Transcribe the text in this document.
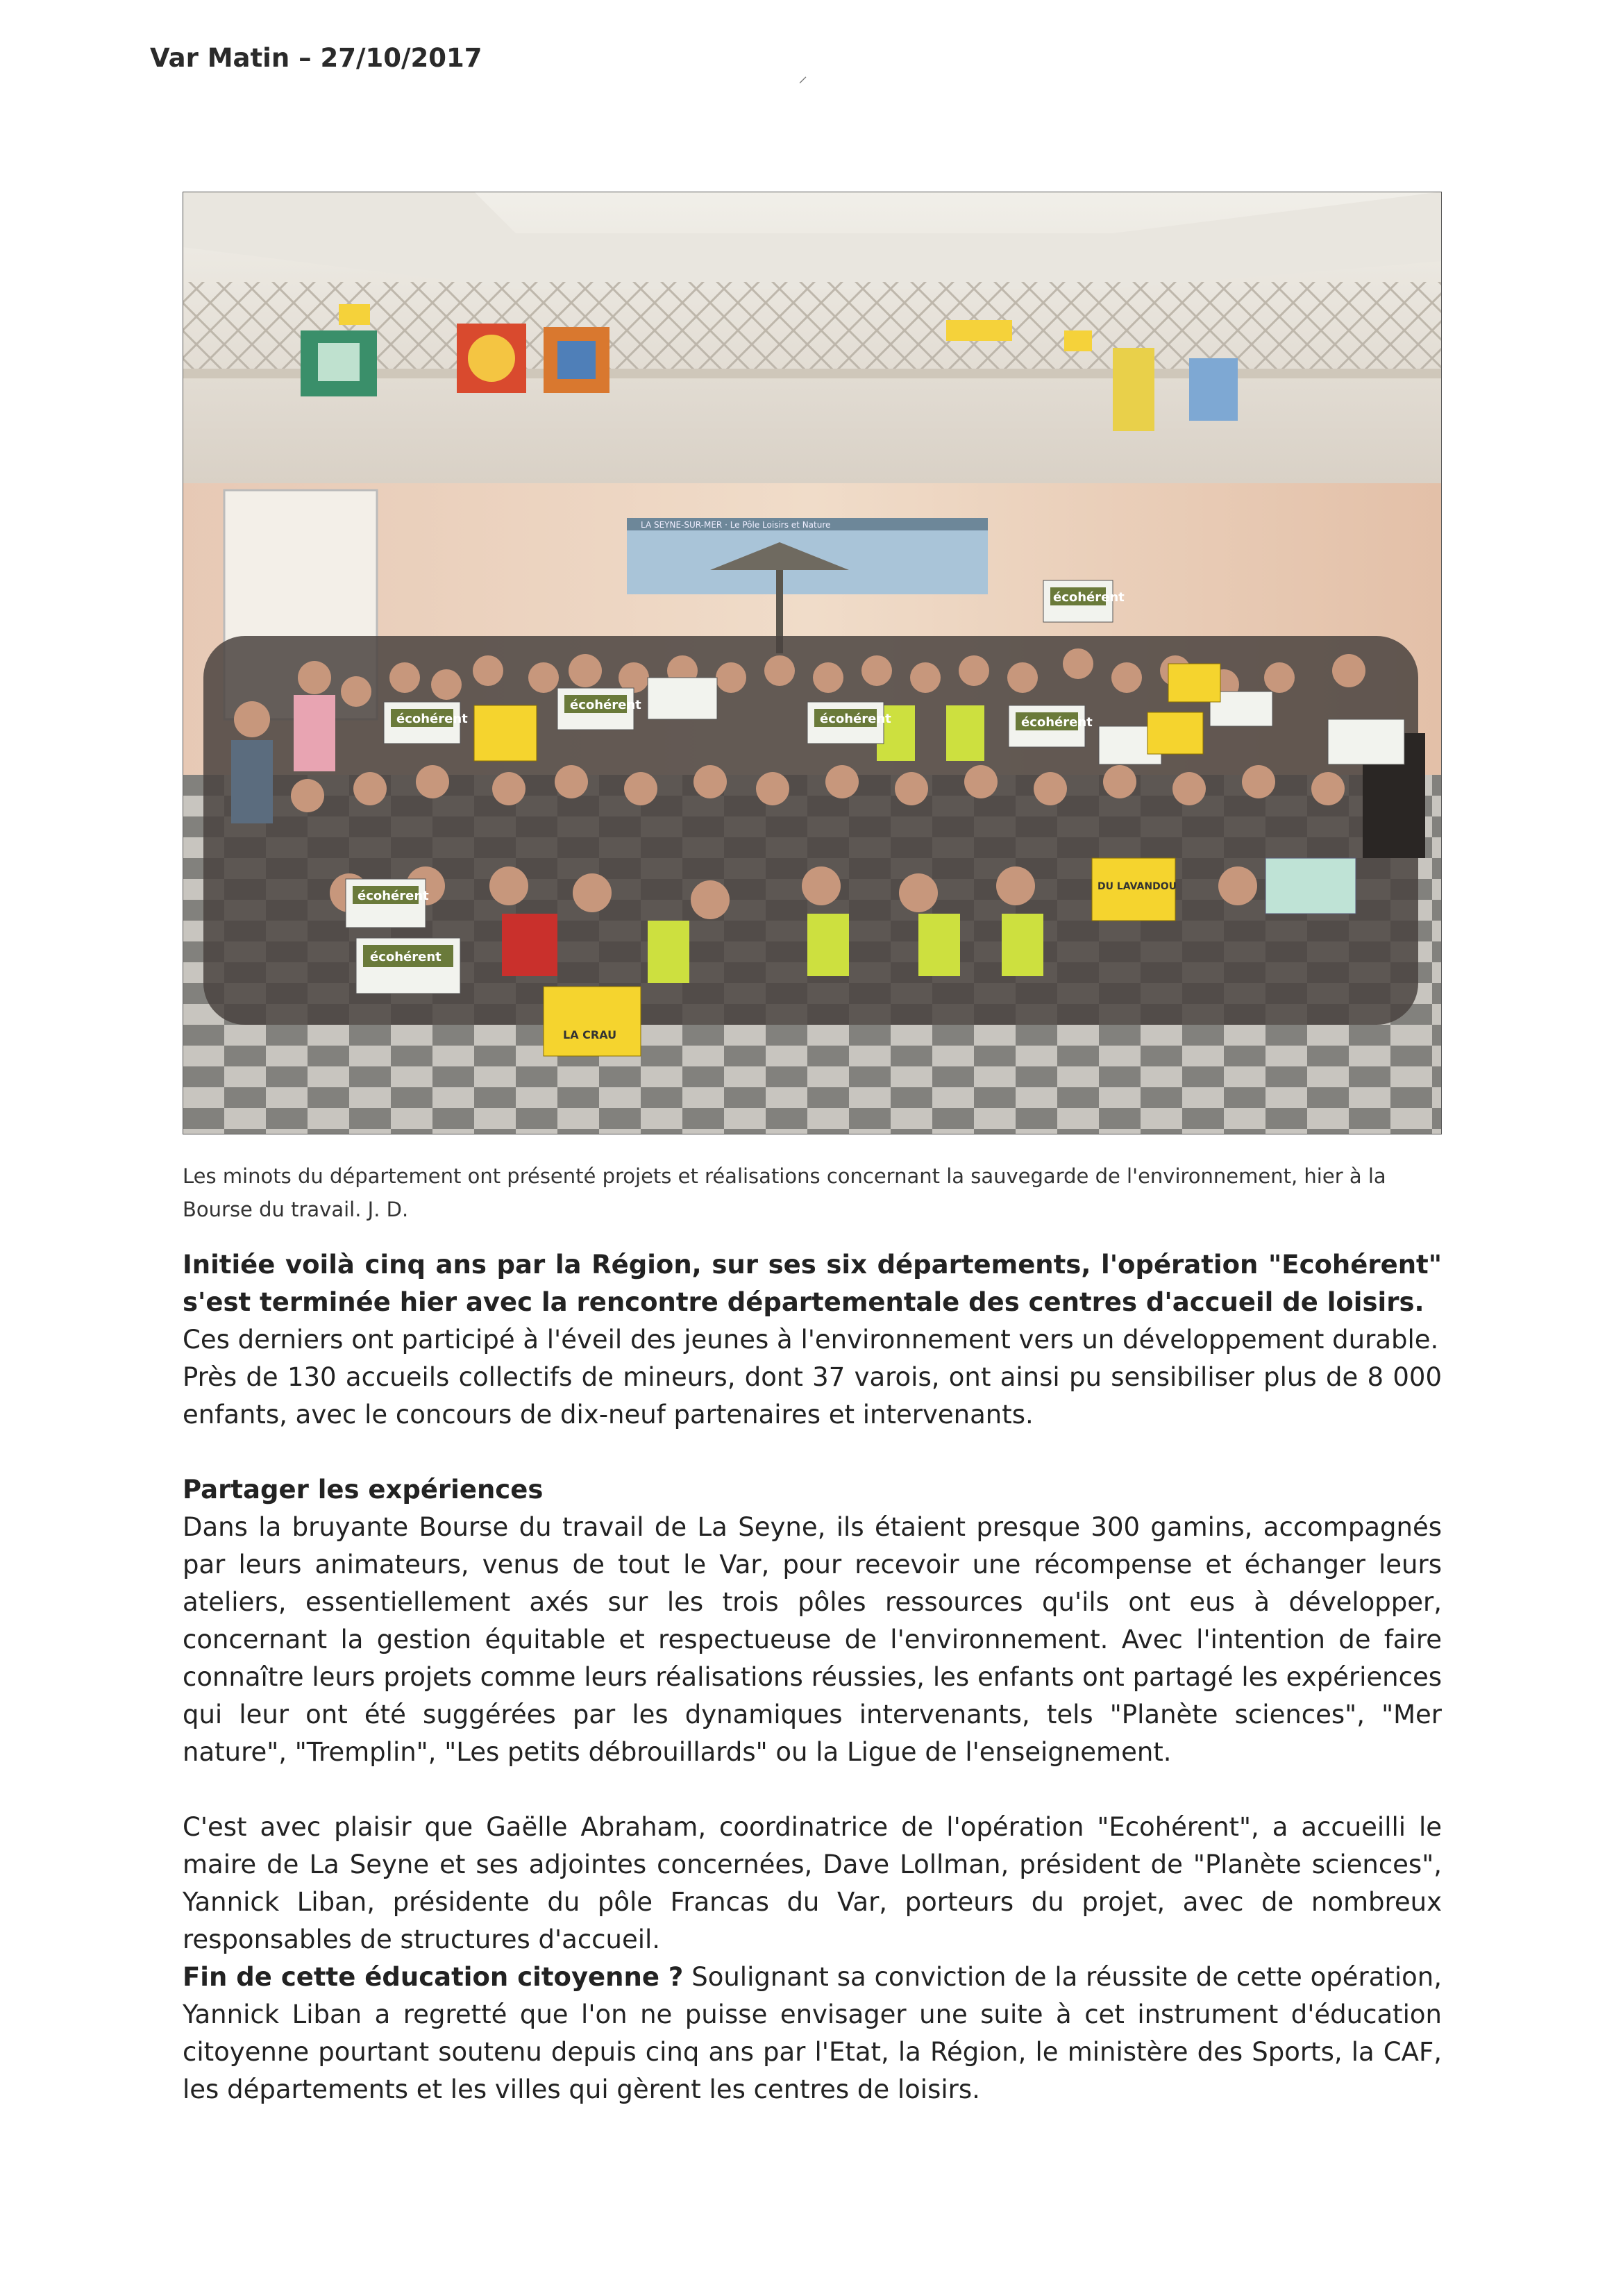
Var Matin – 27/10/2017
⸝
LA SEYNE-SUR-MER · Le Pôle Loisirs et Nature
écohérent
écohérent
écohérent	écohérent
écohérent
écohérent
écohérent
LA CRAU
DU LAVANDOU
Les minots du département ont présenté projets et réalisations concernant la sauvegarde de l'environnement, hier à la Bourse du travail. J. D.

Initiée voilà cinq ans par la Région, sur ses six départements, l'opération "Ecohérent" s'est terminée hier avec la rencontre départementale des centres d'accueil de loisirs.

Ces derniers ont participé à l'éveil des jeunes à l'environnement vers un développement durable.

Près de 130 accueils collectifs de mineurs, dont 37 varois, ont ainsi pu sensibiliser plus de 8 000 enfants, avec le concours de dix-neuf partenaires et intervenants.

Partager les expériences

Dans la bruyante Bourse du travail de La Seyne, ils étaient presque 300 gamins, accompagnés par leurs animateurs, venus de tout le Var, pour recevoir une récompense et échanger leurs ateliers, essentiellement axés sur les trois pôles ressources qu'ils ont eus à développer, concernant la gestion équitable et respectueuse de l'environnement. Avec l'intention de faire connaître leurs projets comme leurs réalisations réussies, les enfants ont partagé les expériences qui leur ont été suggérées par les dynamiques intervenants, tels "Planète sciences", "Mer nature", "Tremplin", "Les petits débrouillards" ou la Ligue de l'enseignement.

C'est avec plaisir que Gaëlle Abraham, coordinatrice de l'opération "Ecohérent", a accueilli le maire de La Seyne et ses adjointes concernées, Dave Lollman, président de "Planète sciences", Yannick Liban, présidente du pôle Francas du Var, porteurs du projet, avec de nombreux responsables de structures d'accueil.

Fin de cette éducation citoyenne ? Soulignant sa conviction de la réussite de cette opération, Yannick Liban a regretté que l'on ne puisse envisager une suite à cet instrument d'éducation citoyenne pourtant soutenu depuis cinq ans par l'Etat, la Région, le ministère des Sports, la CAF, les départements et les villes qui gèrent les centres de loisirs.
